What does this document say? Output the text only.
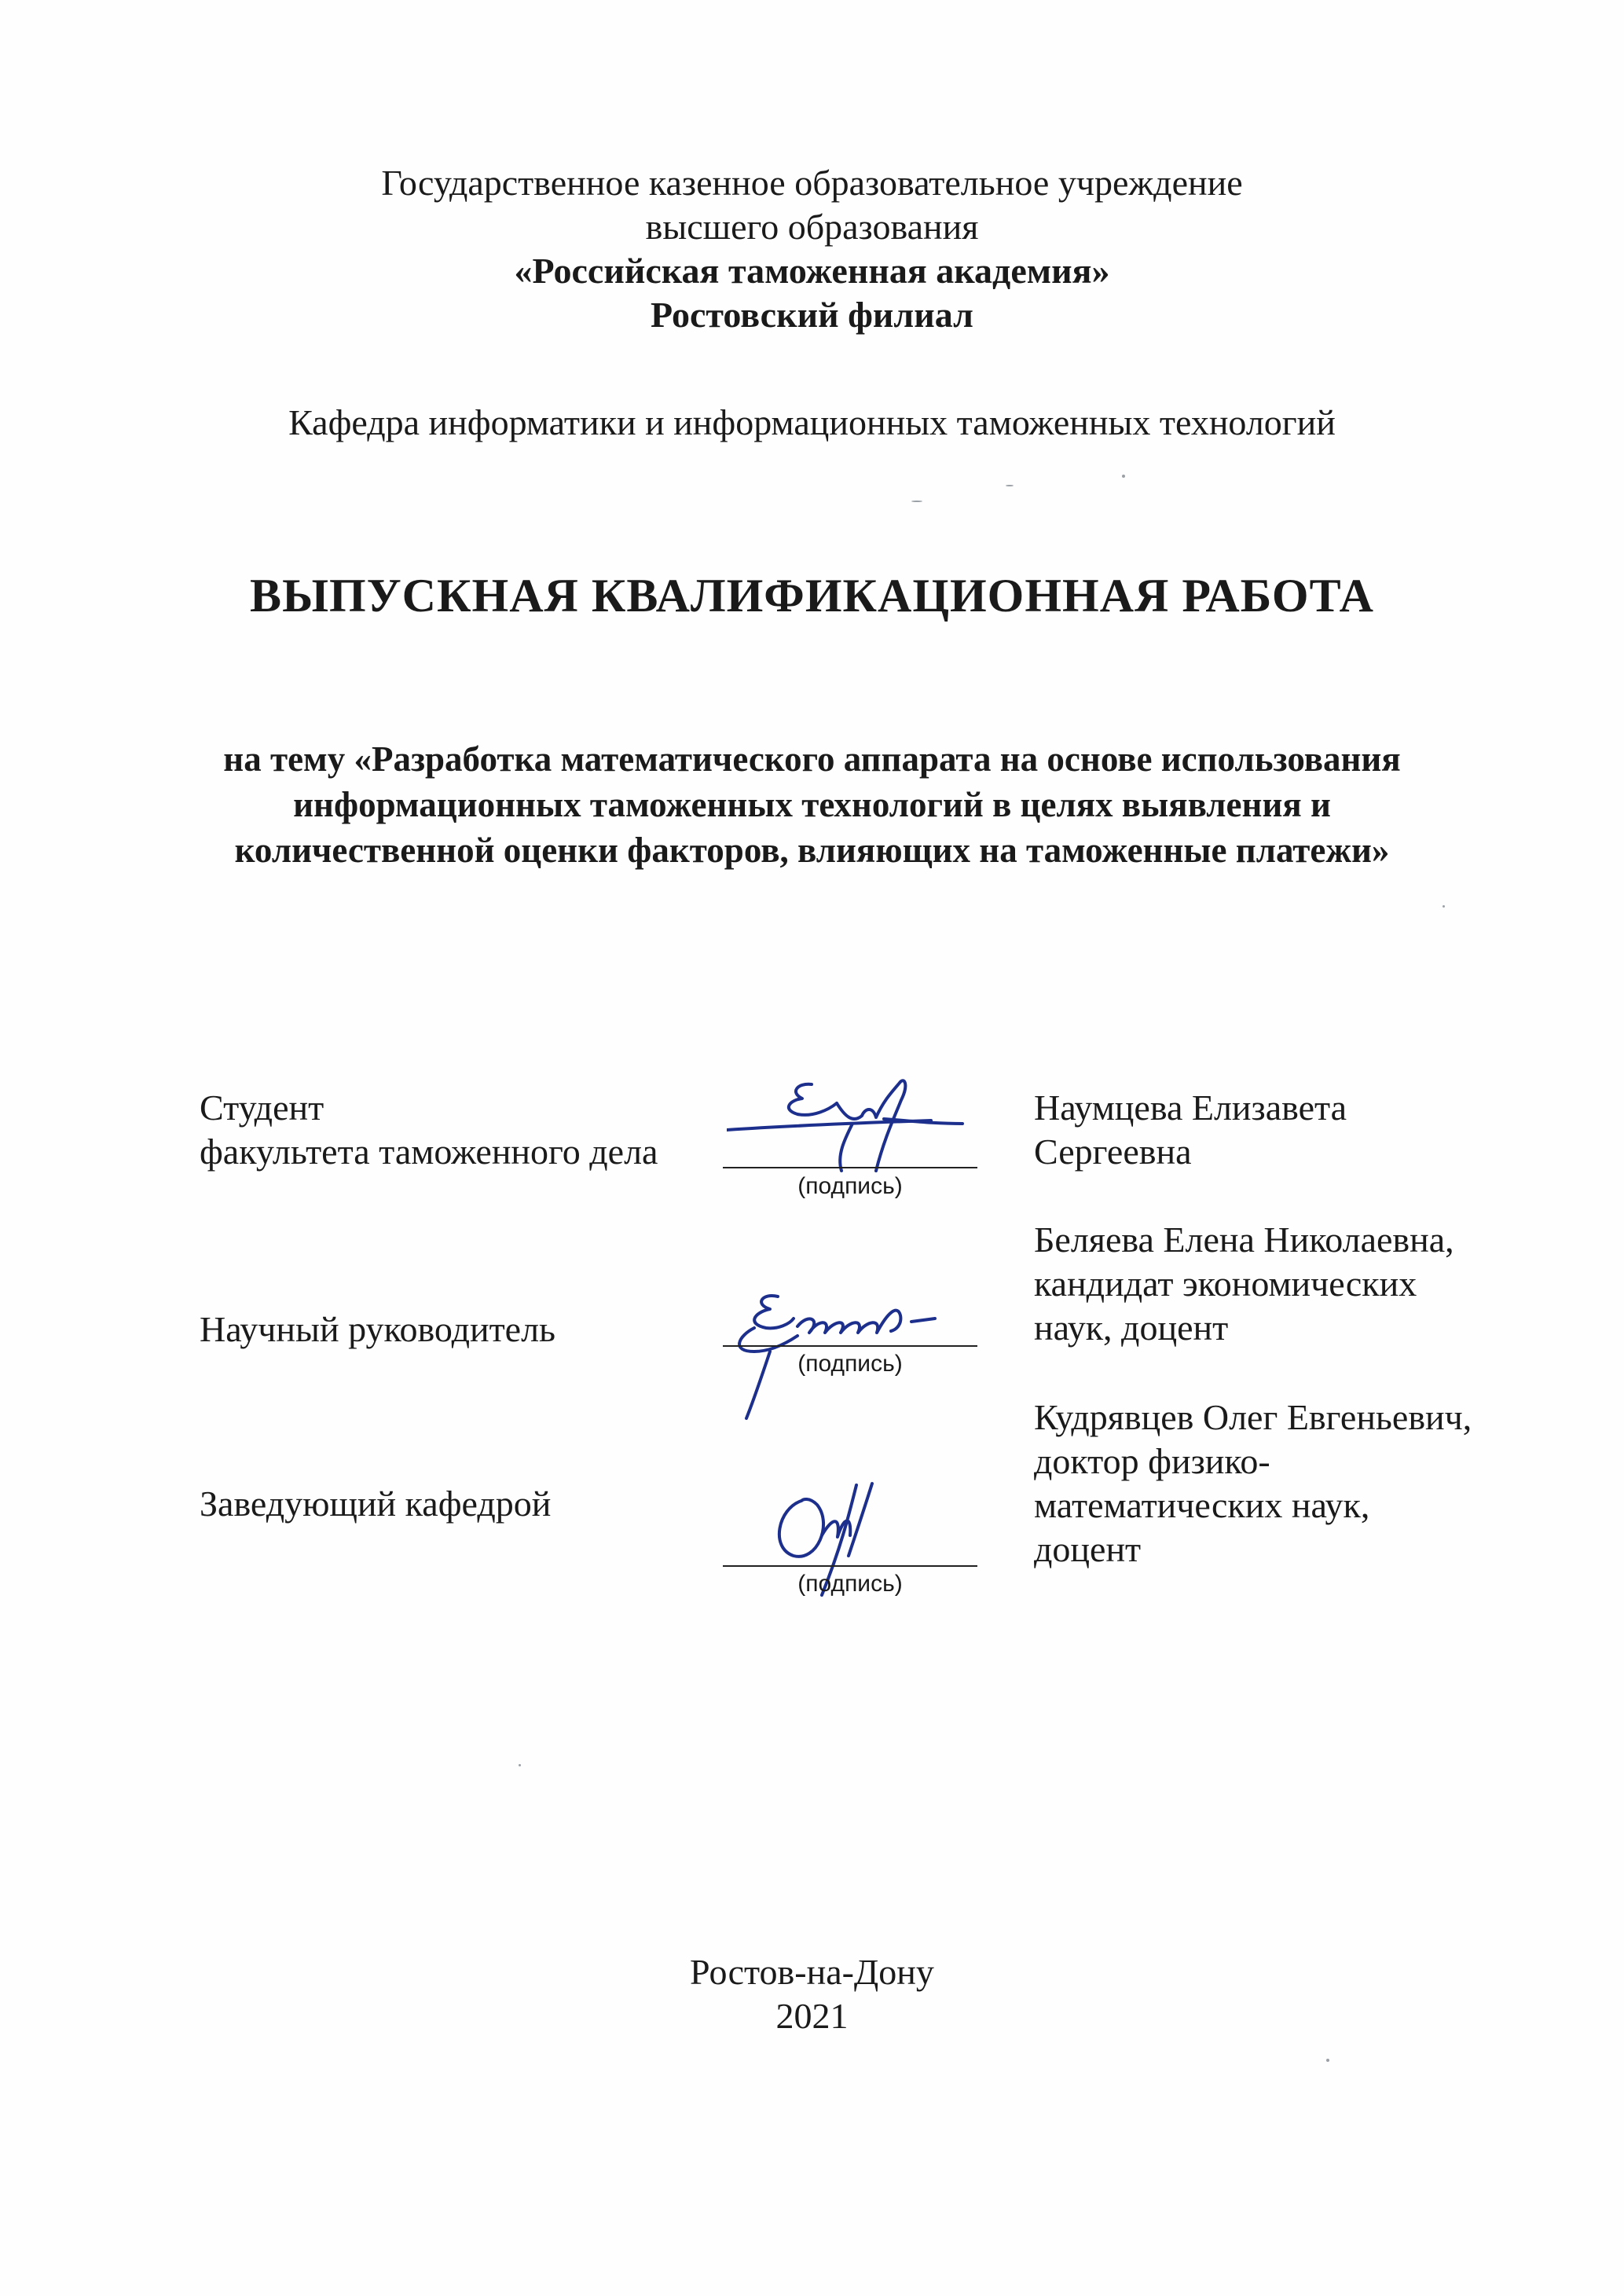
Государственное казенное образовательное учреждение
высшего образования
«Российская таможенная академия»
Ростовский филиал
Кафедра информатики и информационных таможенных технологий
ВЫПУСКНАЯ КВАЛИФИКАЦИОННАЯ РАБОТА
на тему «Разработка математического аппарата на основе использования
информационных таможенных технологий в целях выявления и
количественной оценки факторов, влияющих на таможенные платежи»
Студент
факультета таможенного дела
(подпись)
Наумцева Елизавета
Сергеевна
Научный руководитель
(подпись)
Беляева Елена Николаевна,
кандидат экономических
наук, доцент
Заведующий кафедрой
(подпись)
Кудрявцев Олег Евгеньевич,
доктор физико-
математических наук,
доцент
Ростов-на-Дону
2021
